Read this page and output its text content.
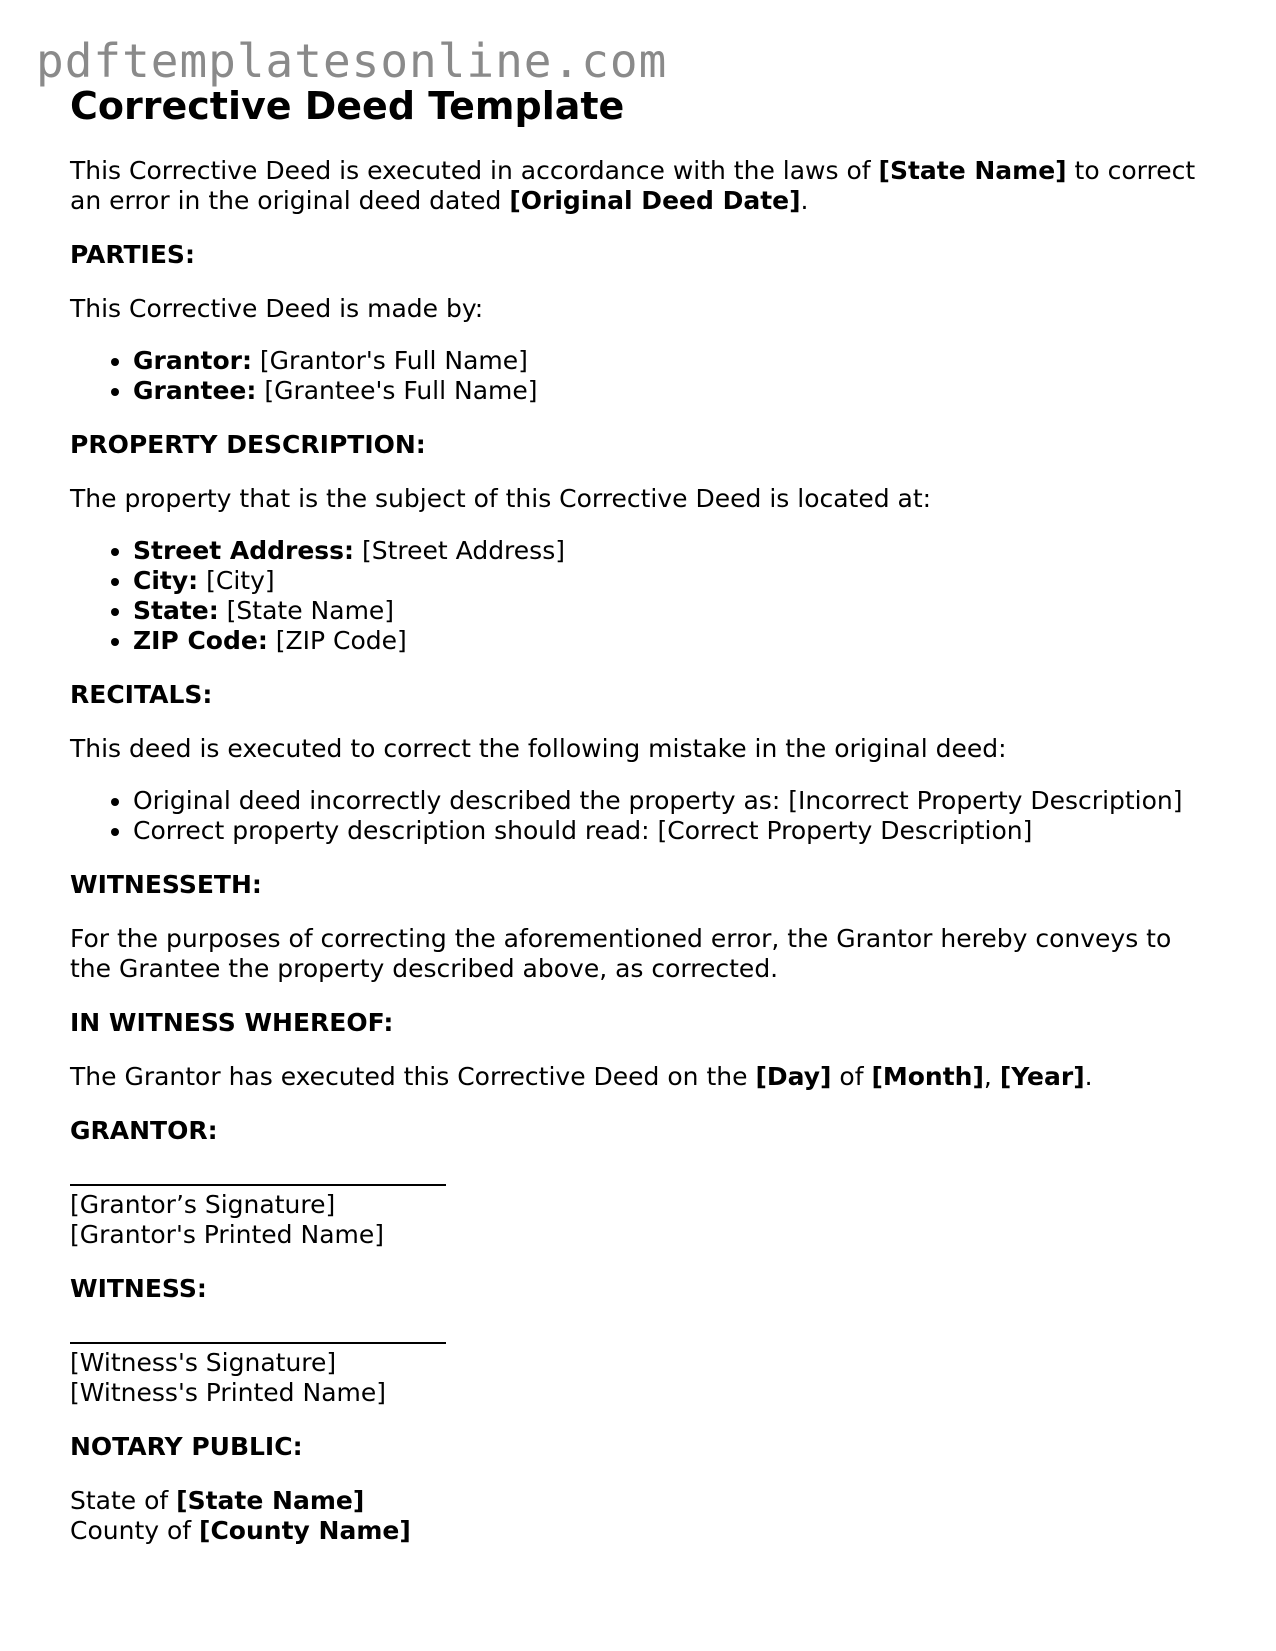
pdftemplatesonline.com
Corrective Deed Template

This Corrective Deed is executed in accordance with the laws of [State Name] to correct an error in the original deed dated [Original Deed Date].

PARTIES:

This Corrective Deed is made by:

• Grantor: [Grantor's Full Name]
• Grantee: [Grantee's Full Name]

PROPERTY DESCRIPTION:

The property that is the subject of this Corrective Deed is located at:

• Street Address: [Street Address]
• City: [City]
• State: [State Name]
• ZIP Code: [ZIP Code]

RECITALS:

This deed is executed to correct the following mistake in the original deed:

• Original deed incorrectly described the property as: [Incorrect Property Description]
• Correct property description should read: [Correct Property Description]

WITNESSETH:

For the purposes of correcting the aforementioned error, the Grantor hereby conveys to the Grantee the property described above, as corrected.

IN WITNESS WHEREOF:

The Grantor has executed this Corrective Deed on the [Day] of [Month], [Year].

GRANTOR:

[Grantor’s Signature]

[Grantor's Printed Name]

WITNESS:

[Witness's Signature]

[Witness's Printed Name]

NOTARY PUBLIC:

State of [State Name]

County of [County Name]
